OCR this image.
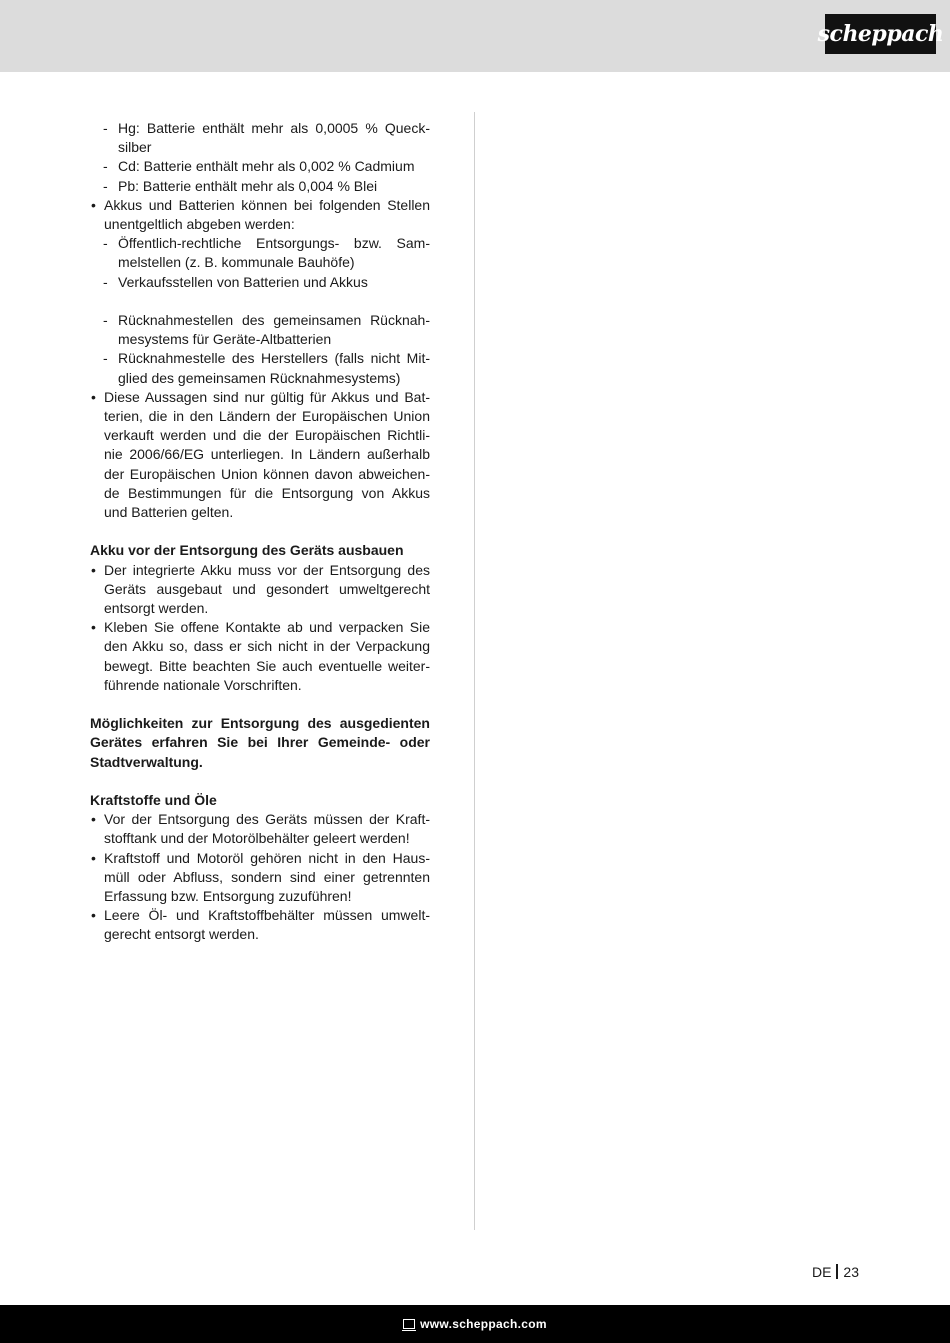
scheppach
- Hg: Batterie enthält mehr als 0,0005 % Queck-silber
- Cd: Batterie enthält mehr als 0,002 % Cadmium
- Pb: Batterie enthält mehr als 0,004 % Blei
• Akkus und Batterien können bei folgenden Stellen unentgeltlich abgeben werden:
- Öffentlich-rechtliche Entsorgungs- bzw. Sam-melstellen (z. B. kommunale Bauhöfe)
- Verkaufsstellen von Batterien und Akkus
- Rücknahmestellen des gemeinsamen Rücknah-mesystems für Geräte-Altbatterien
- Rücknahmestelle des Herstellers (falls nicht Mit-glied des gemeinsamen Rücknahmesystems)
• Diese Aussagen sind nur gültig für Akkus und Bat-terien, die in den Ländern der Europäischen Union verkauft werden und die der Europäischen Richtli-nie 2006/66/EG unterliegen. In Ländern außerhalb der Europäischen Union können davon abweichen-de Bestimmungen für die Entsorgung von Akkus und Batterien gelten.
Akku vor der Entsorgung des Geräts ausbauen
• Der integrierte Akku muss vor der Entsorgung des Geräts ausgebaut und gesondert umweltgerecht entsorgt werden.
• Kleben Sie offene Kontakte ab und verpacken Sie den Akku so, dass er sich nicht in der Verpackung bewegt. Bitte beachten Sie auch eventuelle weiter-führende nationale Vorschriften.
Möglichkeiten zur Entsorgung des ausgedienten Gerätes erfahren Sie bei Ihrer Gemeinde- oder Stadtverwaltung.
Kraftstoffe und Öle
• Vor der Entsorgung des Geräts müssen der Kraft-stofftank und der Motorölbehälter geleert werden!
• Kraftstoff und Motoröl gehören nicht in den Haus-müll oder Abfluss, sondern sind einer getrennten Erfassung bzw. Entsorgung zuzuführen!
• Leere Öl- und Kraftstoffbehälter müssen umwelt-gerecht entsorgt werden.
DE 23
www.scheppach.com
